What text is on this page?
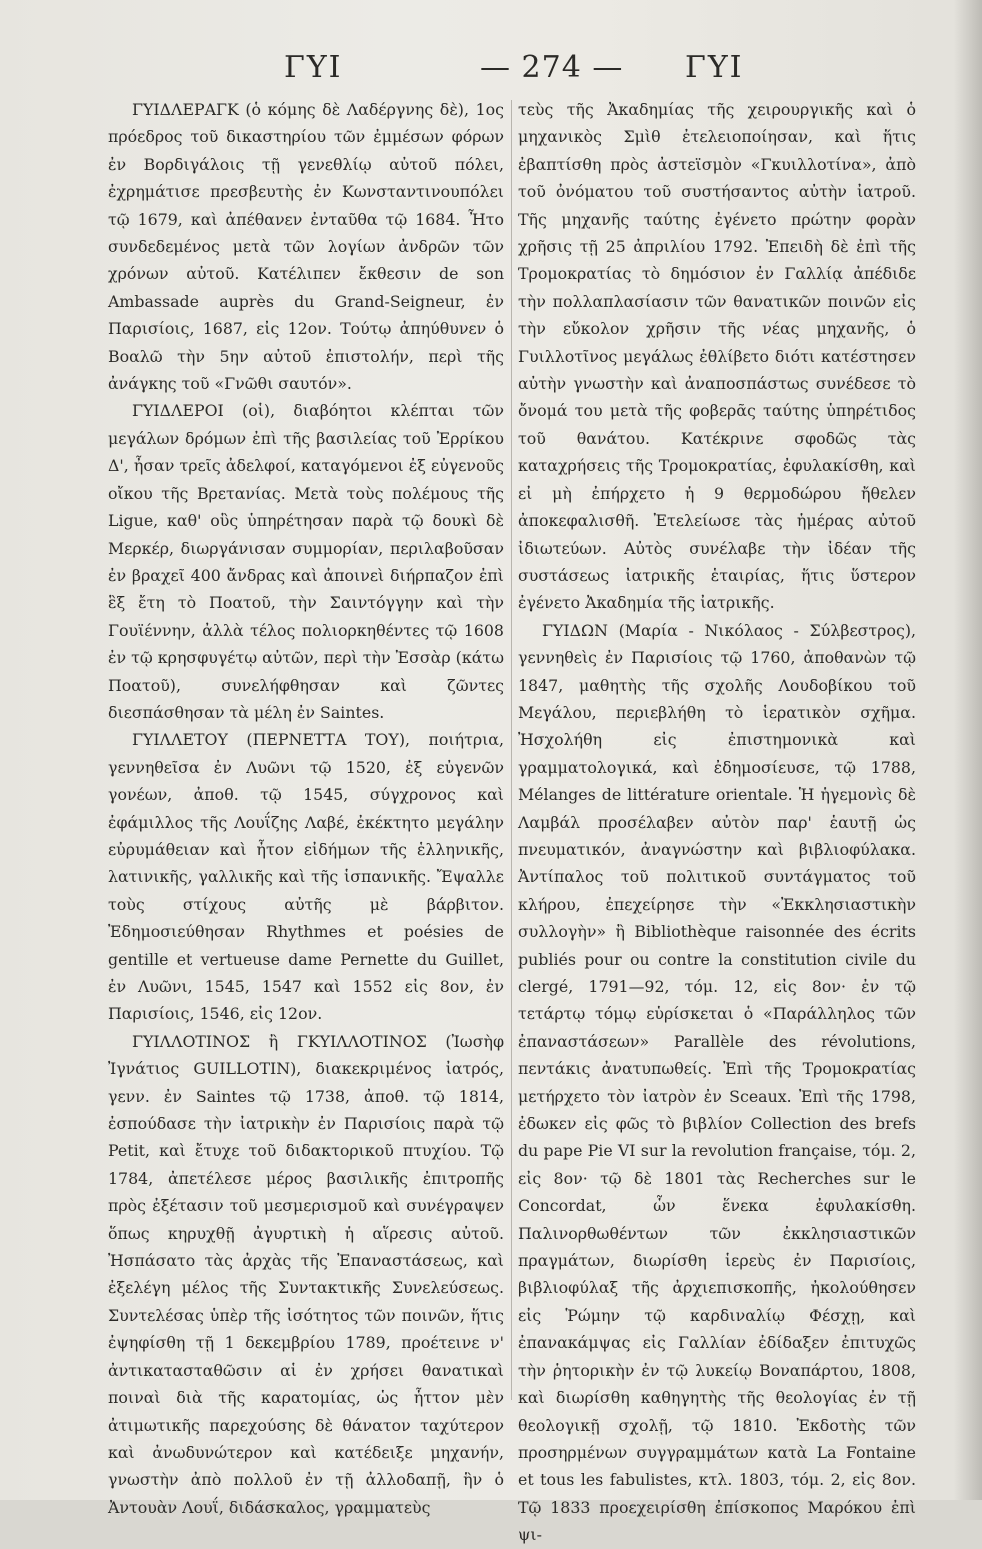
ΓΥΙ	— 274 — ΓΥΙ

ΓΥΙΔΛΕΡΑΓΚ (ὁ κόμης δὲ Λαδέργνης δὲ), 1ος πρόεδρος τοῦ δικαστηρίου τῶν ἐμμέσων φόρων ἐν Βορδιγάλοις τῇ γενεθλίῳ αὐτοῦ πόλει, ἐχρημάτισε πρεσβευτὴς ἐν Κωνσταντινουπόλει τῷ 1679, καὶ ἀπέθανεν ἐνταῦθα τῷ 1684. Ἦτο συνδεδεμένος μετὰ τῶν λογίων ἀνδρῶν τῶν χρόνων αὐτοῦ. Κατέλιπεν ἔκθεσιν de son Ambassade auprès du Grand-Seigneur, ἐν Παρισίοις, 1687, εἰς 12ον. Τούτῳ ἀπηύθυνεν ὁ Βοαλῶ τὴν 5ην αὐτοῦ ἐπιστολήν, περὶ τῆς ἀνάγκης τοῦ «Γνῶθι σαυτόν».

ΓΥΙΔΛΕΡΟΙ (οἱ), διαβόητοι κλέπται τῶν μεγάλων δρόμων ἐπὶ τῆς βασιλείας τοῦ Ἐρρίκου Δ', ἦσαν τρεῖς ἀδελφοί, καταγόμενοι ἐξ εὐγενοῦς οἴκου τῆς Βρετανίας. Μετὰ τοὺς πολέμους τῆς Ligue, καθ' οὓς ὑπηρέτησαν παρὰ τῷ δουκὶ δὲ Μερκέρ, διωργάνισαν συμμορίαν, περιλαβοῦσαν ἐν βραχεῖ 400 ἄνδρας καὶ ἀποινεὶ διήρπαζον ἐπὶ ἓξ ἔτη τὸ Ποατοῦ, τὴν Σαιντόγγην καὶ τὴν Γουϊέννην, ἀλλὰ τέλος πολιορκηθέντες τῷ 1608 ἐν τῷ κρησφυγέτῳ αὐτῶν, περὶ τὴν Ἐσσὰρ (κάτω Ποατοῦ), συνελήφθησαν καὶ ζῶντες διεσπάσθησαν τὰ μέλη ἐν Saintes.

ΓΥΙΛΛΕΤΟΥ (ΠΕΡΝΕΤΤΑ ΤΟΥ), ποιήτρια, γεννηθεῖσα ἐν Λυῶνι τῷ 1520, ἐξ εὐγενῶν γονέων, ἀποθ. τῷ 1545, σύγχρονος καὶ ἐφάμιλλος τῆς Λουΐζης Λαβέ, ἐκέκτητο μεγάλην εὐρυμάθειαν καὶ ἦτον εἰδήμων τῆς ἑλληνικῆς, λατινικῆς, γαλλικῆς καὶ τῆς ἱσπανικῆς. Ἔψαλλε τοὺς στίχους αὐτῆς μὲ βάρβιτον. Ἐδημοσιεύθησαν Rhythmes et poésies de gentille et vertueuse dame Pernette du Guillet, ἐν Λυῶνι, 1545, 1547 καὶ 1552 εἰς 8ον, ἐν Παρισίοις, 1546, εἰς 12ον.

ΓΥΙΛΛΟΤΙΝΟΣ ἢ ΓΚΥΙΛΛΟΤΙΝΟΣ (Ἰωσὴφ Ἰγνάτιος GUILLOTIN), διακεκριμένος ἰατρός, γενν. ἐν Saintes τῷ 1738, ἀποθ. τῷ 1814, ἐσπούδασε τὴν ἰατρικὴν ἐν Παρισίοις παρὰ τῷ Petit, καὶ ἔτυχε τοῦ διδακτορικοῦ πτυχίου. Τῷ 1784, ἀπετέλεσε μέρος βασιλικῆς ἐπιτροπῆς πρὸς ἐξέτασιν τοῦ μεσμερισμοῦ καὶ συνέγραψεν ὅπως κηρυχθῇ ἀγυρτικὴ ἡ αἵρεσις αὐτοῦ. Ἠσπάσατο τὰς ἀρχὰς τῆς Ἐπαναστάσεως, καὶ ἐξελέγη μέλος τῆς Συντακτικῆς Συνελεύσεως. Συντελέσας ὑπὲρ τῆς ἰσότητος τῶν ποινῶν, ἥτις ἐψηφίσθη τῇ 1 δεκεμβρίου 1789, προέτεινε ν' ἀντικατασταθῶσιν αἱ ἐν χρήσει θανατικαὶ ποιναὶ διὰ τῆς καρατομίας, ὡς ἧττον μὲν ἀτιμωτικῆς παρεχούσης δὲ θάνατον ταχύτερον καὶ ἀνωδυνώτερον καὶ κατέδειξε μηχανήν, γνωστὴν ἀπὸ πολλοῦ ἐν τῇ ἀλλοδαπῇ, ἣν ὁ Ἀντουὰν Λουΐ, διδάσκαλος, γραμματεὺς

τεὺς τῆς Ἀκαδημίας τῆς χειρουργικῆς καὶ ὁ μηχανικὸς Σμὶθ ἐτελειοποίησαν, καὶ ἥτις ἐβαπτίσθη πρὸς ἀστεϊσμὸν «Γκυιλλοτίνα», ἀπὸ τοῦ ὀνόματου τοῦ συστήσαντος αὐτὴν ἰατροῦ. Τῆς μηχανῆς ταύτης ἐγένετο πρώτην φορὰν χρῆσις τῇ 25 ἀπριλίου 1792. Ἐπειδὴ δὲ ἐπὶ τῆς Τρομοκρατίας τὸ δημόσιον ἐν Γαλλίᾳ ἀπέδιδε τὴν πολλαπλασίασιν τῶν θανατικῶν ποινῶν εἰς τὴν εὔκολον χρῆσιν τῆς νέας μηχανῆς, ὁ Γυιλλοτῖνος μεγάλως ἐθλίβετο διότι κατέστησεν αὐτὴν γνωστὴν καὶ ἀναποσπάστως συνέδεσε τὸ ὄνομά του μετὰ τῆς φοβερᾶς ταύτης ὑπηρέτιδος τοῦ θανάτου. Κατέκρινε σφοδῶς τὰς καταχρήσεις τῆς Τρομοκρατίας, ἐφυλακίσθη, καὶ εἰ μὴ ἐπήρχετο ἡ 9 θερμοδώρου ἤθελεν ἀποκεφαλισθῆ. Ἐτελείωσε τὰς ἡμέρας αὐτοῦ ἰδιωτεύων. Αὐτὸς συνέλαβε τὴν ἰδέαν τῆς συστάσεως ἰατρικῆς ἑταιρίας, ἥτις ὕστερον ἐγένετο Ἀκαδημία τῆς ἰατρικῆς.

ΓΥΙΔΩΝ (Μαρία - Νικόλαος - Σύλβεστρος), γεννηθεὶς ἐν Παρισίοις τῷ 1760, ἀποθανὼν τῷ 1847, μαθητὴς τῆς σχολῆς Λουδοβίκου τοῦ Μεγάλου, περιεβλήθη τὸ ἱερατικὸν σχῆμα. Ἠσχολήθη εἰς ἐπιστημονικὰ καὶ γραμματολογικά, καὶ ἐδημοσίευσε, τῷ 1788, Mélanges de littérature orientale. Ἡ ἡγεμονὶς δὲ Λαμβάλ προσέλαβεν αὐτὸν παρ' ἑαυτῇ ὡς πνευματικόν, ἀναγνώστην καὶ βιβλιοφύλακα. Ἀντίπαλος τοῦ πολιτικοῦ συντάγματος τοῦ κλήρου, ἐπεχείρησε τὴν «Ἐκκλησιαστικὴν συλλογὴν» ἢ Bibliothèque raisonnée des écrits publiés pour ou contre la constitution civile du clergé, 1791—92, τόμ. 12, εἰς 8ον· ἐν τῷ τετάρτῳ τόμῳ εὑρίσκεται ὁ «Παράλληλος τῶν ἐπαναστάσεων» Parallèle des révolutions, πεντάκις ἀνατυπωθείς. Ἐπὶ τῆς Τρομοκρατίας μετήρχετο τὸν ἰατρὸν ἐν Sceaux. Ἐπὶ τῆς 1798, ἐδωκεν εἰς φῶς τὸ βιβλίον Collection des brefs du pape Pie VI sur la revolution française, τόμ. 2, εἰς 8ον· τῷ δὲ 1801 τὰς Recherches sur le Concordat, ὧν ἕνεκα ἐφυλακίσθη. Παλινορθωθέντων τῶν ἐκκλησιαστικῶν πραγμάτων, διωρίσθη ἱερεὺς ἐν Παρισίοις, βιβλιοφύλαξ τῆς ἀρχιεπισκοπῆς, ἠκολούθησεν εἰς Ῥώμην τῷ καρδιναλίῳ Φέσχῃ, καὶ ἐπανακάμψας εἰς Γαλλίαν ἐδίδαξεν ἐπιτυχῶς τὴν ῥητορικὴν ἐν τῷ λυκείῳ Βοναπάρτου, 1808, καὶ διωρίσθη καθηγητὴς τῆς θεολογίας ἐν τῇ θεολογικῇ σχολῇ, τῷ 1810. Ἐκδοτὴς τῶν προσηρμένων συγγραμμάτων κατὰ La Fontaine et tous les fabulistes, κτλ. 1803, τόμ. 2, εἰς 8ον. Τῷ 1833 προεχειρίσθη ἐπίσκοπος Μαρόκου ἐπὶ ψι-
